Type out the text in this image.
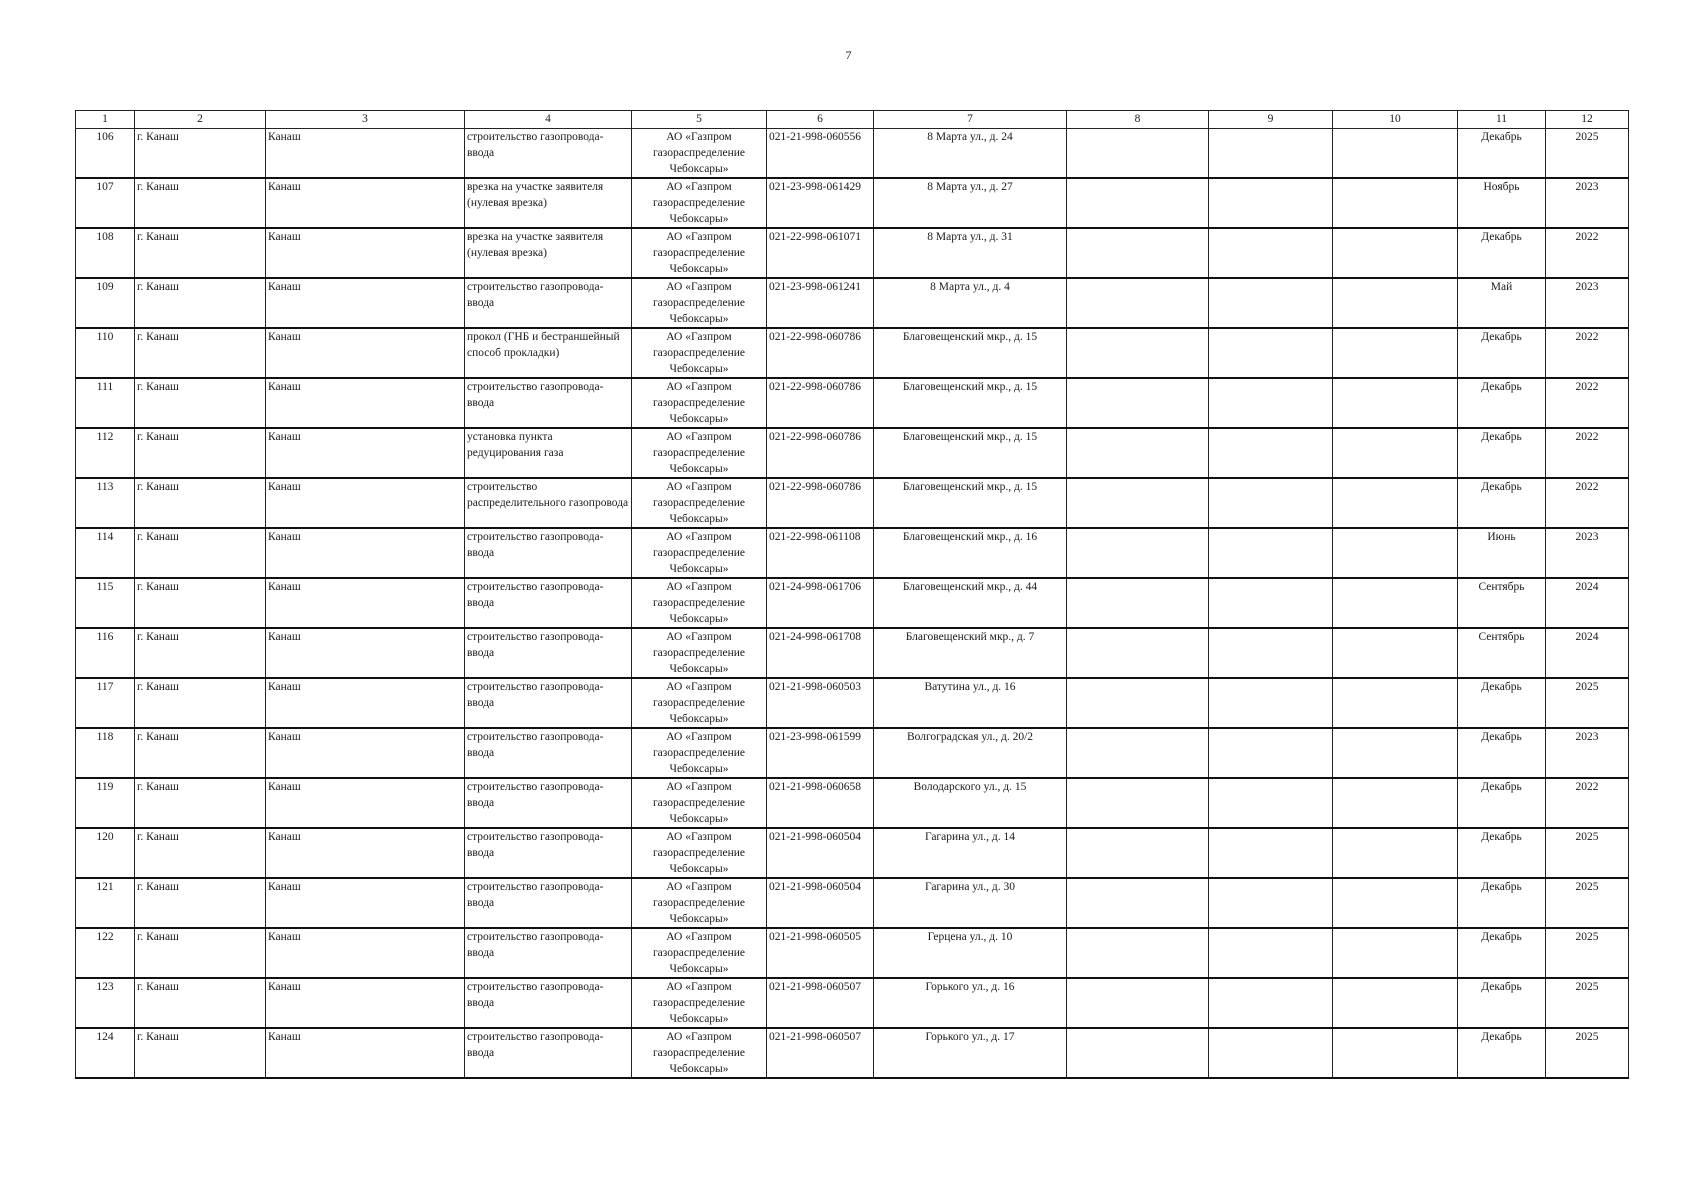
7
1	2	3	4	5	6	7	8	9	10	11	12
106	г. Канаш	Канаш	строительство газопровода-ввода	АО «Газпром газораспределение Чебоксары»	021-21-998-060556	8 Марта ул., д. 24				Декабрь	2025
107	г. Канаш	Канаш	врезка на участке заявителя (нулевая врезка)	АО «Газпром газораспределение Чебоксары»	021-23-998-061429	8 Марта ул., д. 27				Ноябрь	2023
108	г. Канаш	Канаш	врезка на участке заявителя (нулевая врезка)	АО «Газпром газораспределение Чебоксары»	021-22-998-061071	8 Марта ул., д. 31				Декабрь	2022
109	г. Канаш	Канаш	строительство газопровода-ввода	АО «Газпром газораспределение Чебоксары»	021-23-998-061241	8 Марта ул., д. 4				Май	2023
110	г. Канаш	Канаш	прокол (ГНБ и бестраншейный способ прокладки)	АО «Газпром газораспределение Чебоксары»	021-22-998-060786	Благовещенский мкр., д. 15				Декабрь	2022
111	г. Канаш	Канаш	строительство газопровода-ввода	АО «Газпром газораспределение Чебоксары»	021-22-998-060786	Благовещенский мкр., д. 15				Декабрь	2022
112	г. Канаш	Канаш	установка пункта редуцирования газа	АО «Газпром газораспределение Чебоксары»	021-22-998-060786	Благовещенский мкр., д. 15				Декабрь	2022
113	г. Канаш	Канаш	строительство распределительного газопровода	АО «Газпром газораспределение Чебоксары»	021-22-998-060786	Благовещенский мкр., д. 15				Декабрь	2022
114	г. Канаш	Канаш	строительство газопровода-ввода	АО «Газпром газораспределение Чебоксары»	021-22-998-061108	Благовещенский мкр., д. 16				Июнь	2023
115	г. Канаш	Канаш	строительство газопровода-ввода	АО «Газпром газораспределение Чебоксары»	021-24-998-061706	Благовещенский мкр., д. 44				Сентябрь	2024
116	г. Канаш	Канаш	строительство газопровода-ввода	АО «Газпром газораспределение Чебоксары»	021-24-998-061708	Благовещенский мкр., д. 7				Сентябрь	2024
117	г. Канаш	Канаш	строительство газопровода-ввода	АО «Газпром газораспределение Чебоксары»	021-21-998-060503	Ватутина ул., д. 16				Декабрь	2025
118	г. Канаш	Канаш	строительство газопровода-ввода	АО «Газпром газораспределение Чебоксары»	021-23-998-061599	Волгоградская ул., д. 20/2				Декабрь	2023
119	г. Канаш	Канаш	строительство газопровода-ввода	АО «Газпром газораспределение Чебоксары»	021-21-998-060658	Володарского ул., д. 15				Декабрь	2022
120	г. Канаш	Канаш	строительство газопровода-ввода	АО «Газпром газораспределение Чебоксары»	021-21-998-060504	Гагарина ул., д. 14				Декабрь	2025
121	г. Канаш	Канаш	строительство газопровода-ввода	АО «Газпром газораспределение Чебоксары»	021-21-998-060504	Гагарина ул., д. 30				Декабрь	2025
122	г. Канаш	Канаш	строительство газопровода-ввода	АО «Газпром газораспределение Чебоксары»	021-21-998-060505	Герцена ул., д. 10				Декабрь	2025
123	г. Канаш	Канаш	строительство газопровода-ввода	АО «Газпром газораспределение Чебоксары»	021-21-998-060507	Горького ул., д. 16				Декабрь	2025
124	г. Канаш	Канаш	строительство газопровода-ввода	АО «Газпром газораспределение Чебоксары»	021-21-998-060507	Горького ул., д. 17				Декабрь	2025
